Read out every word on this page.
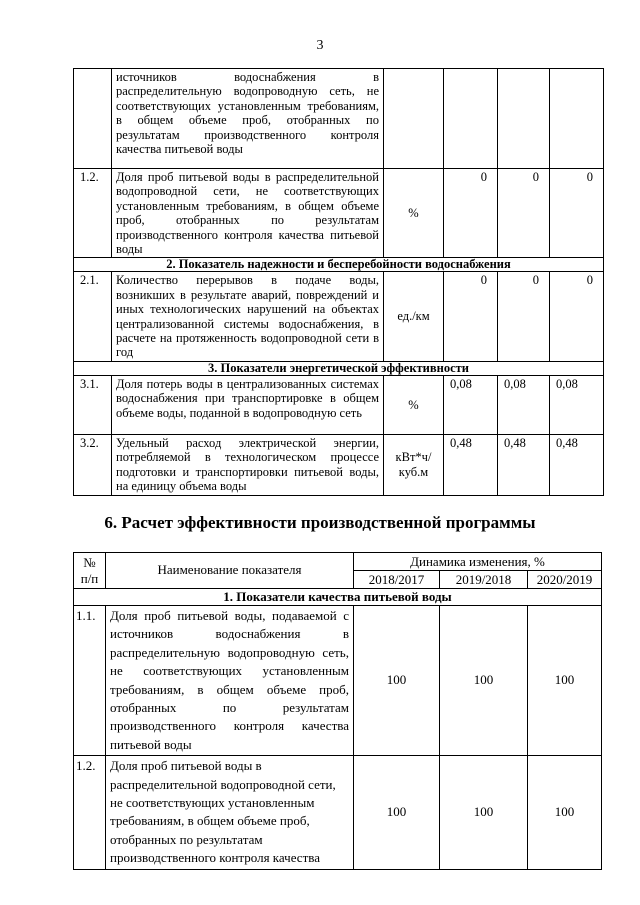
3
	источников водоснабжения в распределительную водопроводную сеть, не соответствующих установленным требованиям, в общем объеме проб, отобранных по результатам производственного контроля качества питьевой воды				
1.2.	Доля проб питьевой воды в распределительной водопроводной сети, не соответствующих установленным требованиям, в общем объеме проб, отобранных по результатам производственного контроля качества питьевой воды	%	0	0	0
2. Показатель надежности и бесперебойности водоснабжения					
2.1.	Количество перерывов в подаче воды, возникших в результате аварий, повреждений и иных технологических нарушений на объектах централизованной системы водоснабжения, в расчете на протяженность водопроводной сети в год	ед./км	0	0	0
3. Показатели энергетической эффективности					
3.1.	Доля потерь воды в централизованных системах водоснабжения при транспортировке в общем объеме воды, поданной в водопроводную сеть	%	0,08	0,08	0,08
3.2.	Удельный расход электрической энергии, потребляемой в технологическом процессе подготовки и транспортировки питьевой воды, на единицу объема воды	кВт*ч/ куб.м	0,48	0,48	0,48
6. Расчет эффективности производственной программы
№ п/п	Наименование показателя	Динамика изменения, %		
		2018/2017	2019/2018	2020/2019
1. Показатели качества питьевой воды				
1.1.	Доля проб питьевой воды, подаваемой с источников водоснабжения в распределительную водопроводную сеть, не соответствующих установленным требованиям, в общем объеме проб, отобранных по результатам производственного контроля качества питьевой воды	100	100	100
1.2.	Доля проб питьевой воды в распределительной водопроводной сети, не соответствующих установленным требованиям, в общем объеме проб, отобранных по результатам производственного контроля качества	100	100	100
